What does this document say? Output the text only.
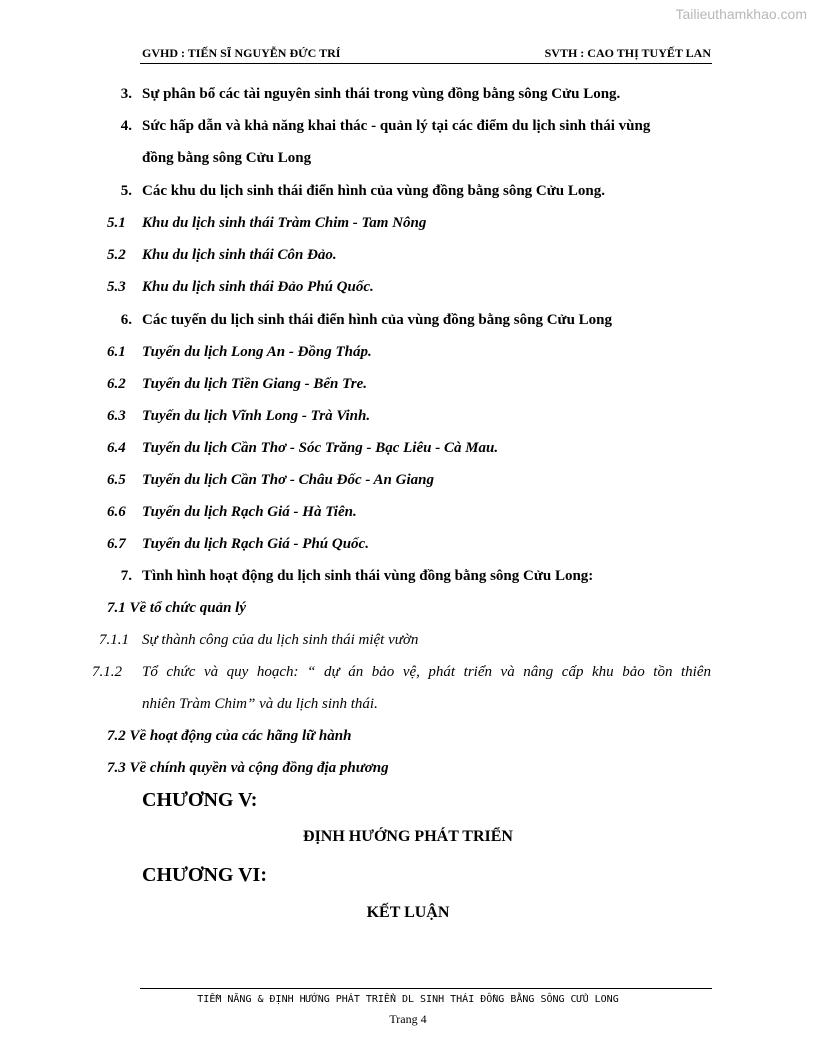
Tailieuthamkhao.com
GVHD : TIẾN SĨ NGUYỄN ĐỨC TRÍ	SVTH : CAO THỊ TUYẾT LAN
3. Sự phân bổ các tài nguyên sinh thái trong vùng đồng bằng sông Cửu Long.
4. Sức hấp dẫn và khả năng khai thác - quản lý tại các điểm du lịch sinh thái vùng
đồng bằng sông Cửu Long
5. Các khu du lịch sinh thái điển hình của vùng đồng bằng sông Cửu Long.
5.1	Khu du lịch sinh thái Tràm Chim - Tam Nông
5.2	Khu du lịch sinh thái Côn Đảo.
5.3	Khu du lịch sinh thái Đảo Phú Quốc.
6. Các tuyến du lịch sinh thái điển hình của vùng đồng bằng sông Cửu Long
6.1	Tuyến du lịch Long An - Đồng Tháp.
6.2	Tuyến du lịch Tiền Giang - Bến Tre.
6.3	Tuyến du lịch Vĩnh Long - Trà Vinh.
6.4	Tuyến du lịch Cần Thơ - Sóc Trăng - Bạc Liêu - Cà Mau.
6.5	Tuyến du lịch Cần Thơ - Châu Đốc - An Giang
6.6	Tuyến du lịch Rạch Giá - Hà Tiên.
6.7	Tuyến du lịch Rạch Giá - Phú Quốc.
7. Tình hình hoạt động du lịch sinh thái vùng đồng bằng sông Cửu Long:
7.1 Về tổ chức quản lý
7.1.1 Sự thành công của du lịch sinh thái miệt vườn
7.1.2	Tổ chức và quy hoạch: “ dự án bảo vệ, phát triển và nâng cấp khu bảo tồn thiên
nhiên Tràm Chim” và du lịch sinh thái.
7.2 Về hoạt động của các hãng lữ hành
7.3 Về chính quyền và cộng đồng địa phương
CHƯƠNG V:
ĐỊNH HƯỚNG PHÁT TRIỂN
CHƯƠNG VI:
KẾT LUẬN
TIỀM NĂNG & ĐỊNH HƯỚNG PHÁT TRIỂN DL SINH THÁI ĐỒNG BẰNG SÔNG CỬU LONG
Trang 4
